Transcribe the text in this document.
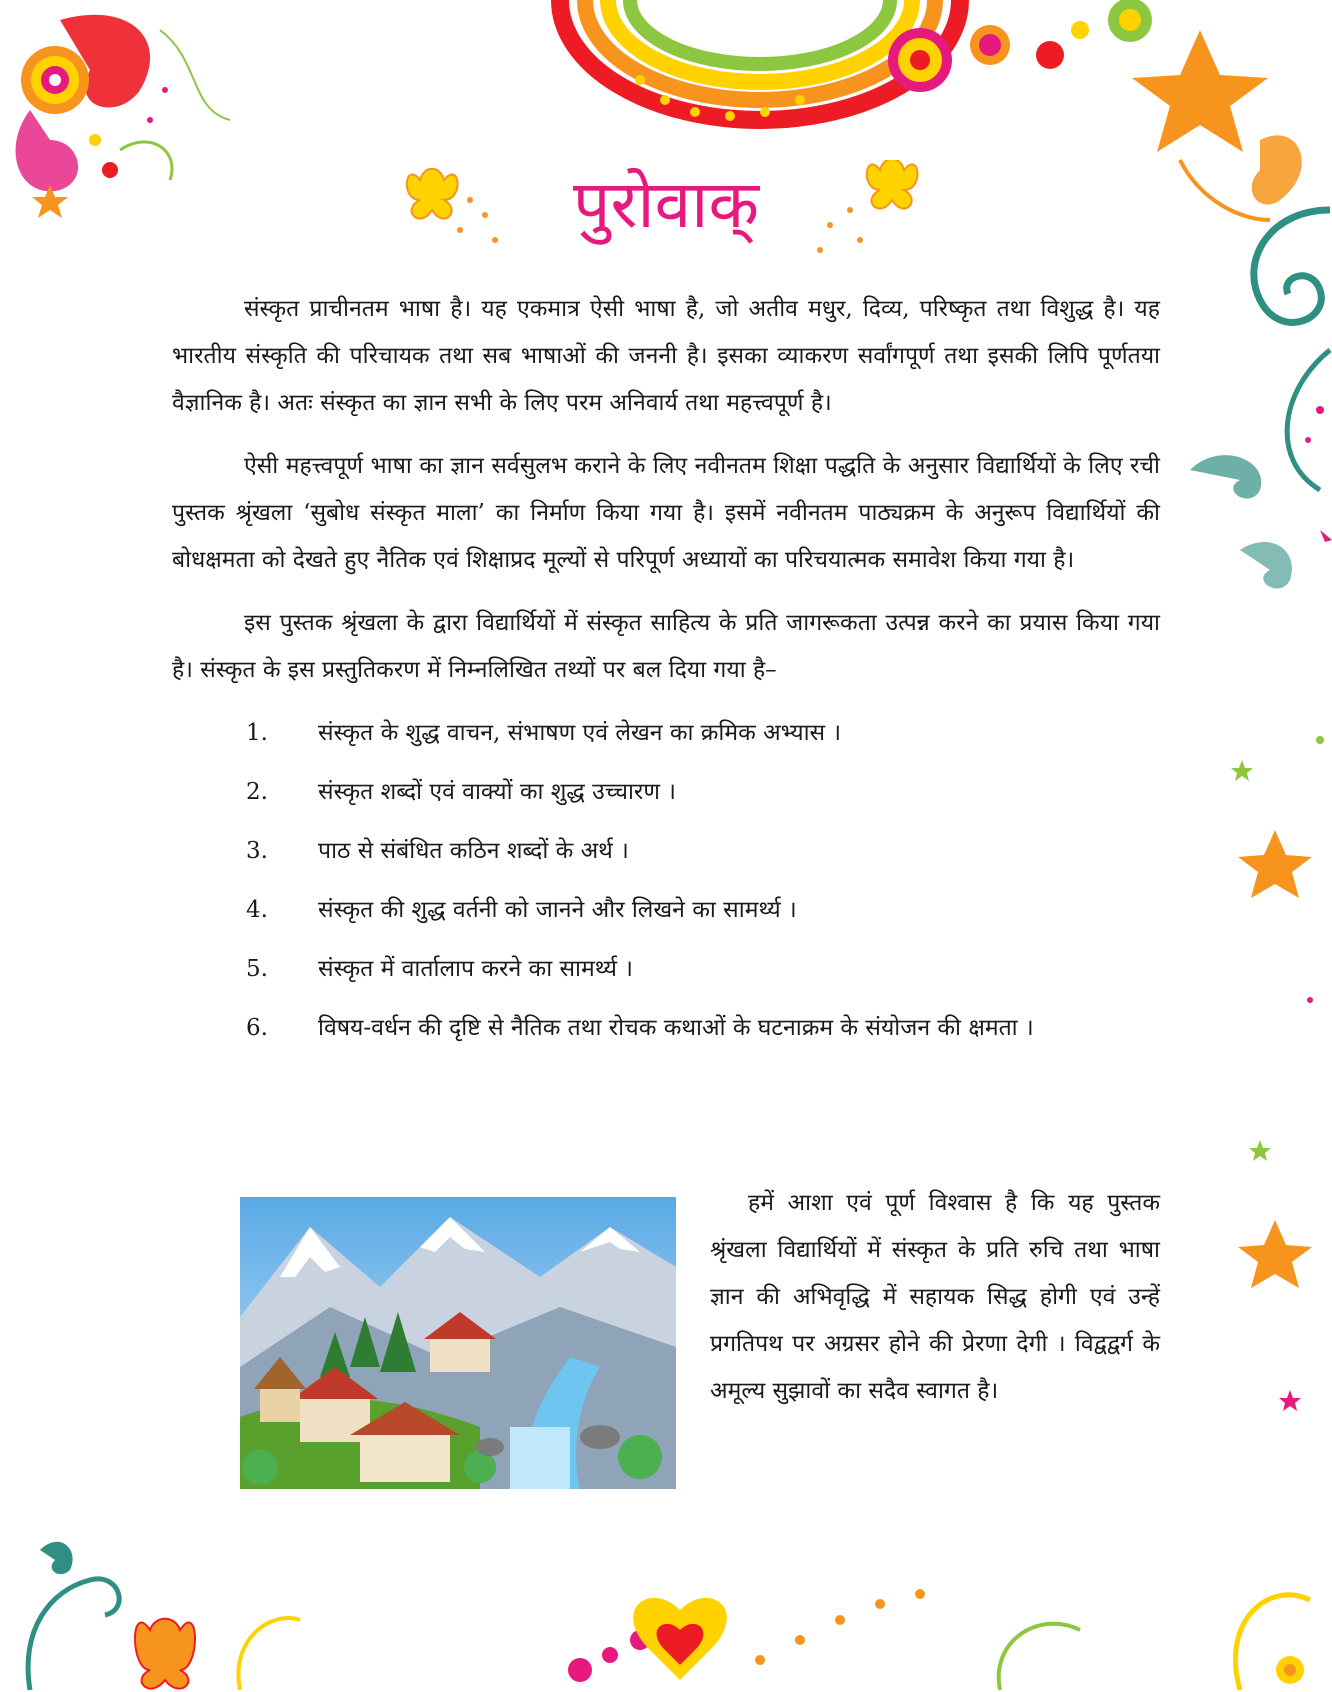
पुरोवाक्

संस्कृत प्राचीनतम भाषा है। यह एकमात्र ऐसी भाषा है, जो अतीव मधुर, दिव्य, परिष्कृत तथा विशुद्ध है। यह भारतीय संस्कृति की परिचायक तथा सब भाषाओं की जननी है। इसका व्याकरण सर्वांगपूर्ण तथा इसकी लिपि पूर्णतया वैज्ञानिक है। अतः संस्कृत का ज्ञान सभी के लिए परम अनिवार्य तथा महत्त्वपूर्ण है।

ऐसी महत्त्वपूर्ण भाषा का ज्ञान सर्वसुलभ कराने के लिए नवीनतम शिक्षा पद्धति के अनुसार विद्यार्थियों के लिए रची पुस्तक श्रृंखला ‘सुबोध संस्कृत माला’ का निर्माण किया गया है। इसमें नवीनतम पाठ्यक्रम के अनुरूप विद्यार्थियों की बोधक्षमता को देखते हुए नैतिक एवं शिक्षाप्रद मूल्यों से परिपूर्ण अध्यायों का परिचयात्मक समावेश किया गया है।

इस पुस्तक श्रृंखला के द्वारा विद्यार्थियों में संस्कृत साहित्य के प्रति जागरूकता उत्पन्न करने का प्रयास किया गया है। संस्कृत के इस प्रस्तुतिकरण में निम्नलिखित तथ्यों पर बल दिया गया है–

1.	संस्कृत के शुद्ध वाचन, संभाषण एवं लेखन का क्रमिक अभ्यास ।
2.	संस्कृत शब्दों एवं वाक्यों का शुद्ध उच्चारण ।
3.	पाठ से संबंधित कठिन शब्दों के अर्थ ।
4.	संस्कृत की शुद्ध वर्तनी को जानने और लिखने का सामर्थ्य ।
5.	संस्कृत में वार्तालाप करने का सामर्थ्य ।
6.	विषय-वर्धन की दृष्टि से नैतिक तथा रोचक कथाओं के घटनाक्रम के संयोजन की क्षमता ।

हमें आशा एवं पूर्ण विश्वास है कि यह पुस्तक श्रृंखला विद्यार्थियों में संस्कृत के प्रति रुचि तथा भाषा ज्ञान की अभिवृद्धि में सहायक सिद्ध होगी एवं उन्हें प्रगतिपथ पर अग्रसर होने की प्रेरणा देगी । विद्वद्वर्ग के अमूल्य सुझावों का सदैव स्वागत है।
